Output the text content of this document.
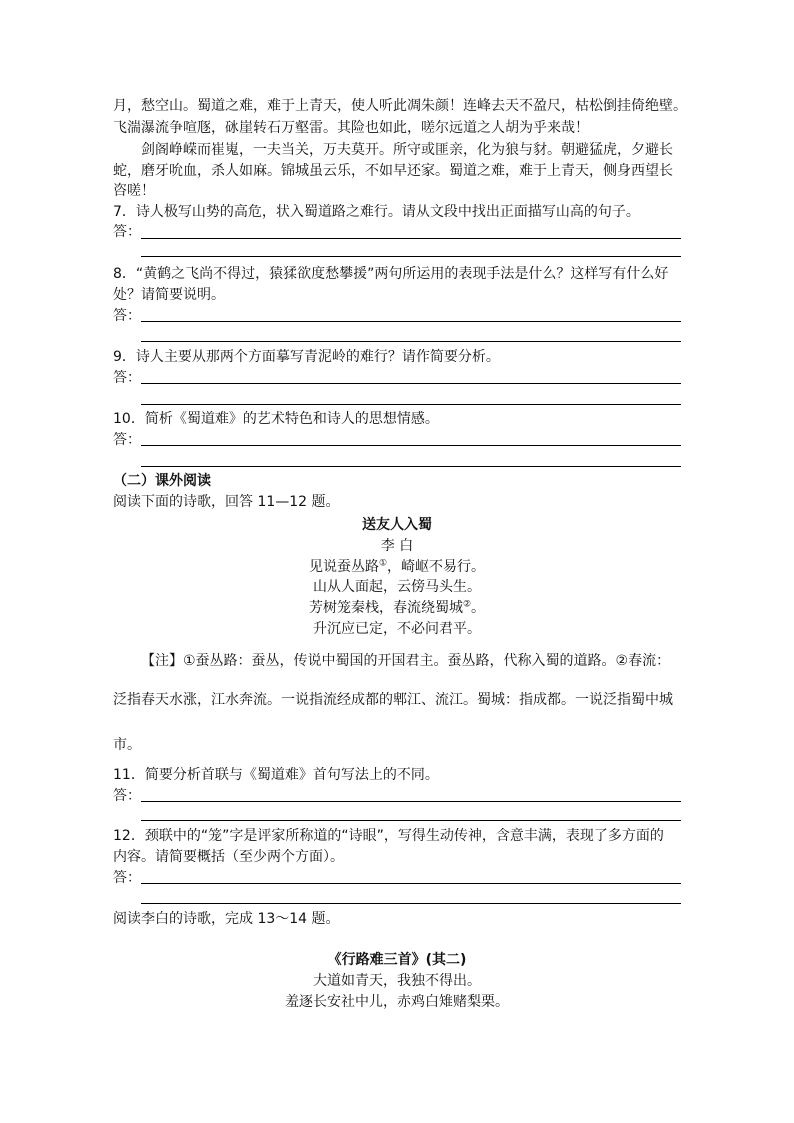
月，愁空山。蜀道之难，难于上青天，使人听此凋朱颜！连峰去天不盈尺，枯松倒挂倚绝壁。
飞湍瀑流争喧豗，砯崖转石万壑雷。其险也如此，嗟尔远道之人胡为乎来哉！
剑阁峥嵘而崔嵬，一夫当关，万夫莫开。所守或匪亲，化为狼与豺。朝避猛虎，夕避长
蛇，磨牙吮血，杀人如麻。锦城虽云乐，不如早还家。蜀道之难，难于上青天，侧身西望长
咨嗟！
7．诗人极写山势的高危，状入蜀道路之难行。请从文段中找出正面描写山高的句子。
答：
8．“黄鹤之飞尚不得过，猿猱欲度愁攀援”两句所运用的表现手法是什么？这样写有什么好
处？请简要说明。
答：
9．诗人主要从那两个方面摹写青泥岭的难行？请作简要分析。
答：
10．简析《蜀道难》的艺术特色和诗人的思想情感。
答：
（二）课外阅读
阅读下面的诗歌，回答 11—12 题。
送友人入蜀
李 白
见说蚕丛路①，崎岖不易行。
山从人面起，云傍马头生。
芳树笼秦栈，春流绕蜀城②。
升沉应已定，不必问君平。
【注】①蚕丛路：蚕丛，传说中蜀国的开国君主。蚕丛路，代称入蜀的道路。②春流：
泛指春天水涨，江水奔流。一说指流经成都的郫江、流江。蜀城：指成都。一说泛指蜀中城
市。
11．简要分析首联与《蜀道难》首句写法上的不同。
答：
12．颈联中的“笼”字是评家所称道的“诗眼”，写得生动传神，含意丰满，表现了多方面的
内容。请简要概括（至少两个方面）。
答：
阅读李白的诗歌，完成 13～14 题。
《行路难三首》(其二)
大道如青天，我独不得出。
羞逐长安社中儿，赤鸡白雉赌梨栗。
